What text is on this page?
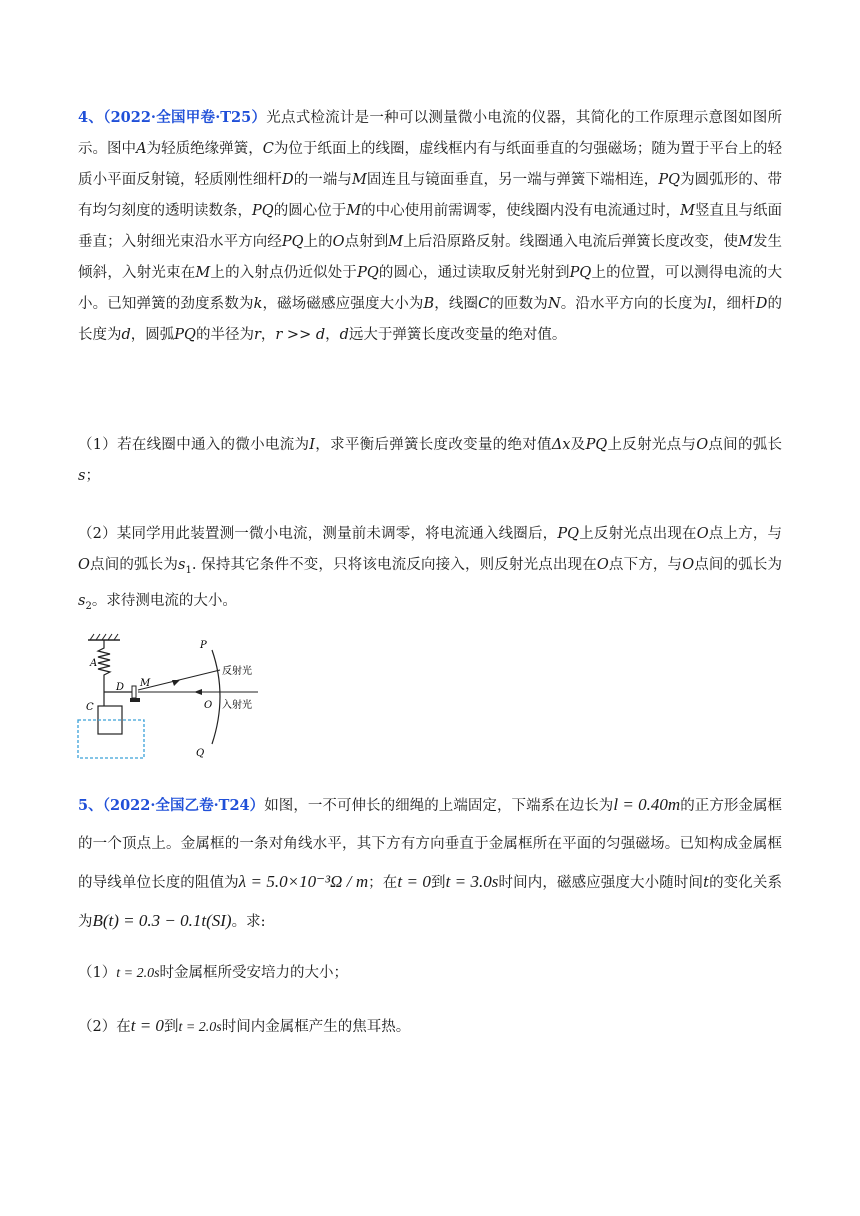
4、（2022·全国甲卷·T25）光点式检流计是一种可以测量微小电流的仪器，其简化的工作原理示意图如图所示。图中A为轻质绝缘弹簧，C为位于纸面上的线圈，虚线框内有与纸面垂直的匀强磁场；随为置于平台上的轻质小平面反射镜，轻质刚性细杆D的一端与M固连且与镜面垂直，另一端与弹簧下端相连，PQ为圆弧形的、带有均匀刻度的透明读数条，PQ的圆心位于M的中心使用前需调零，使线圈内没有电流通过时，M竖直且与纸面垂直；入射细光束沿水平方向经PQ上的O点射到M上后沿原路反射。线圈通入电流后弹簧长度改变，使M发生倾斜，入射光束在M上的入射点仍近似处于PQ的圆心，通过读取反射光射到PQ上的位置，可以测得电流的大小。已知弹簧的劲度系数为k，磁场磁感应强度大小为B，线圈C的匝数为N。沿水平方向的长度为l，细杆D的长度为d，圆弧PQ的半径为r，r >> d，d远大于弹簧长度改变量的绝对值。

（1）若在线圈中通入的微小电流为I，求平衡后弹簧长度改变量的绝对值Δx及PQ上反射光点与O点间的弧长s；

（2）某同学用此装置测一微小电流，测量前未调零，将电流通入线圈后，PQ上反射光点出现在O点上方，与O点间的弧长为$s_1$. 保持其它条件不变，只将该电流反向接入，则反射光点出现在O点下方，与O点间的弧长为$s_2$。求待测电流的大小。

A
D M
C
P
Q
O
反射光
入射光

5、（2022·全国乙卷·T24）如图，一不可伸长的细绳的上端固定，下端系在边长为l = 0.40m的正方形金属框的一个顶点上。金属框的一条对角线水平，其下方有方向垂直于金属框所在平面的匀强磁场。已知构成金属框的导线单位长度的阻值为λ = 5.0×10⁻³Ω / m；在t = 0到t = 3.0s时间内，磁感应强度大小随时间t的变化关系为B(t) = 0.3 − 0.1t(SI)。求:

（1）t = 2.0s时金属框所受安培力的大小；

（2）在t = 0到t = 2.0s时间内金属框产生的焦耳热。
